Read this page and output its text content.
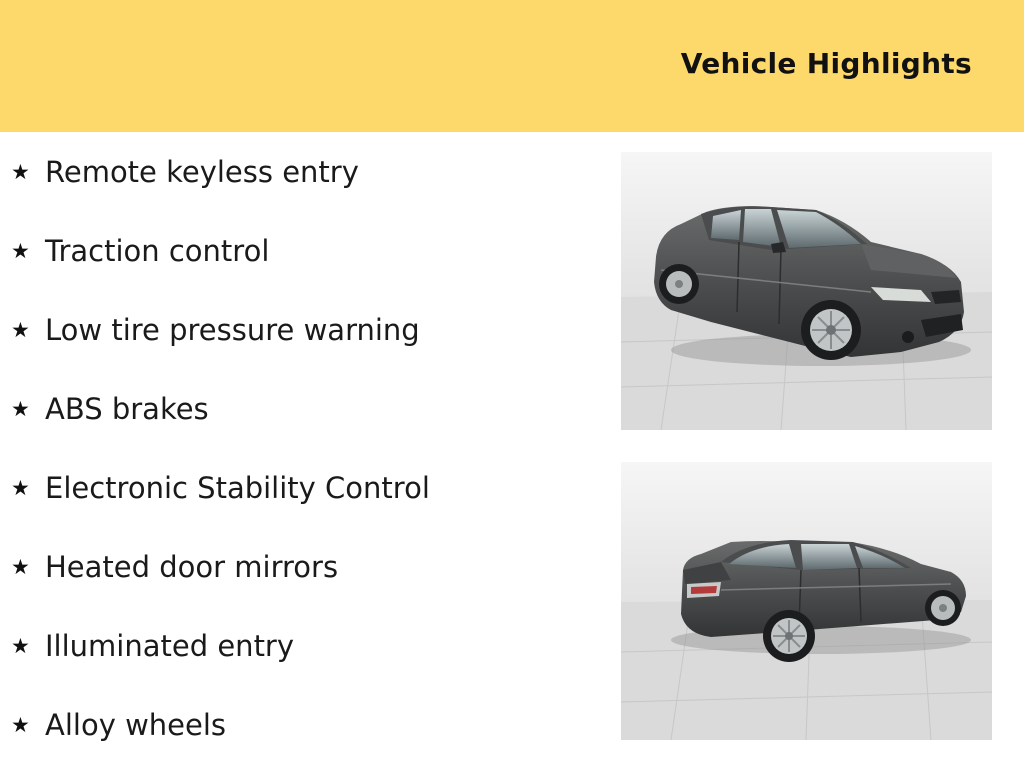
Vehicle Highlights
★ Remote keyless entry
★ Traction control
★ Low tire pressure warning
★ ABS brakes
★ Electronic Stability Control
★ Heated door mirrors
★ Illuminated entry
★ Alloy wheels
